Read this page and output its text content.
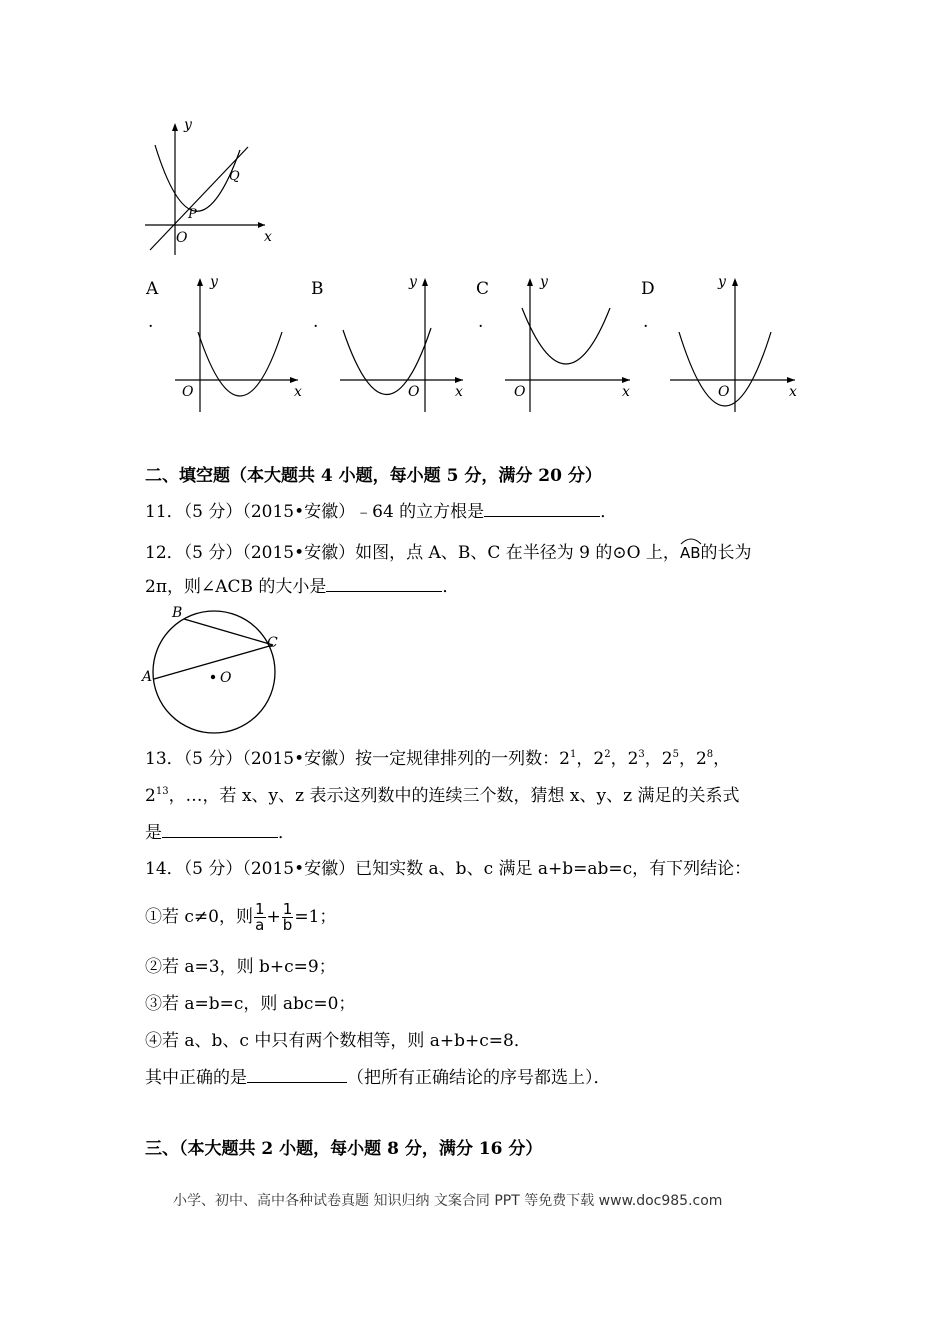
y
x
O
P
Q
A
.
y
x
O
B
.
y
x
O
C
.
y
x
O
D
.
y
x
O
二、填空题（本大题共 4 小题，每小题 5 分，满分 20 分）
11．（5 分）（2015•安徽）﹣64 的立方根是	．
12．（5 分）（2015•安徽）如图，点 A、B、C 在半径为 9 的⊙O 上，
AB的长为
2π，则∠ACB 的大小是	．
B
C
A	O
13．（5 分）（2015•安徽）按一定规律排列的一列数：$2^1$，$2^2$，$2^3$，$2^5$，$2^8$，
$2^{13}$，…，若 x、y、z 表示这列数中的连续三个数，猜想 x、y、z 满足的关系式
是	．
14．（5 分）（2015•安徽）已知实数 a、b、c 满足 a+b=ab=c，有下列结论：
①若 c≠0，则 $\frac{1}{a} + \frac{1}{b} =1$；
②若 a=3，则 b+c=9；
③若 a=b=c，则 abc=0；
④若 a、b、c 中只有两个数相等，则 a+b+c=8．
其中正确的是	（把所有正确结论的序号都选上）．
三、（本大题共 2 小题，每小题 8 分，满分 16 分）
小学、初中、高中各种试卷真题 知识归纳 文案合同 PPT 等免费下载 www.doc985.com
